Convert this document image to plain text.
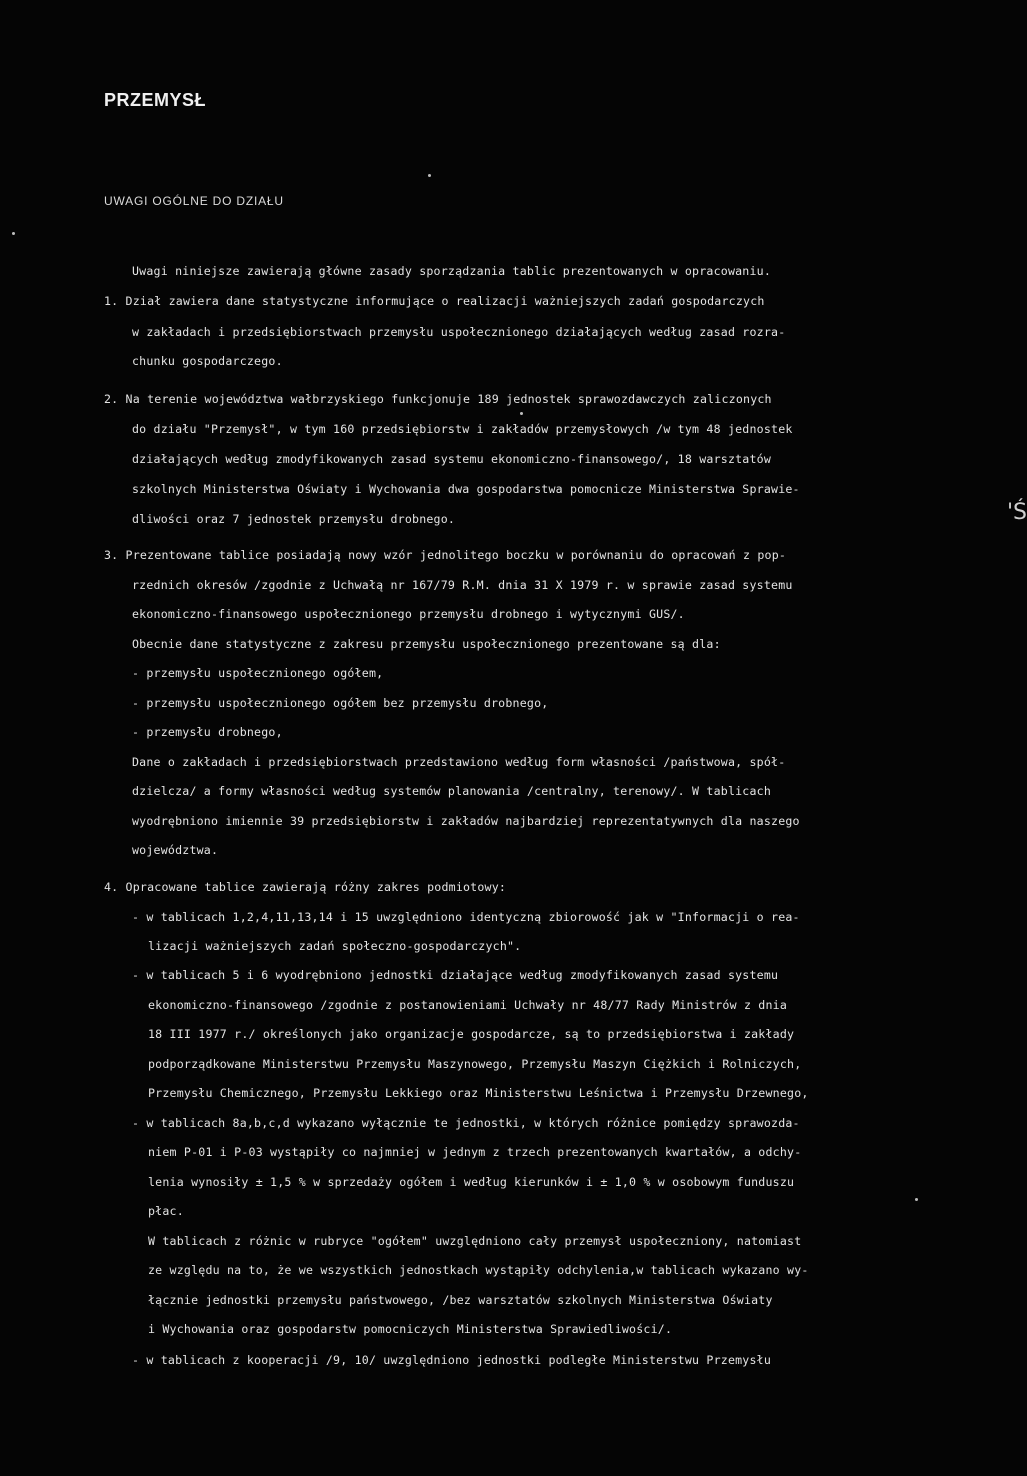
PRZEMYSŁ
UWAGI OGÓLNE DO DZIAŁU
Uwagi niniejsze zawierają główne zasady sporządzania tablic prezentowanych w opracowaniu.
1. Dział zawiera dane statystyczne informujące o realizacji ważniejszych zadań gospodarczych
w zakładach i przedsiębiorstwach przemysłu uspołecznionego działających według zasad rozra-
chunku gospodarczego.
2. Na terenie województwa wałbrzyskiego funkcjonuje 189 jednostek sprawozdawczych zaliczonych
do działu "Przemysł", w tym 160 przedsiębiorstw i zakładów przemysłowych /w tym 48 jednostek
działających według zmodyfikowanych zasad systemu ekonomiczno-finansowego/, 18 warsztatów
szkolnych Ministerstwa Oświaty i Wychowania dwa gospodarstwa pomocnicze Ministerstwa Sprawie-
dliwości oraz 7 jednostek przemysłu drobnego.
3. Prezentowane tablice posiadają nowy wzór jednolitego boczku w porównaniu do opracowań z pop-
rzednich okresów /zgodnie z Uchwałą nr 167/79 R.M. dnia 31 X 1979 r. w sprawie zasad systemu
ekonomiczno-finansowego uspołecznionego przemysłu drobnego i wytycznymi GUS/.
Obecnie dane statystyczne z zakresu przemysłu uspołecznionego prezentowane są dla:
- przemysłu uspołecznionego ogółem,
- przemysłu uspołecznionego ogółem bez przemysłu drobnego,
- przemysłu drobnego,
Dane o zakładach i przedsiębiorstwach przedstawiono według form własności /państwowa, spół-
dzielcza/ a formy własności według systemów planowania /centralny, terenowy/. W tablicach
wyodrębniono imiennie 39 przedsiębiorstw i zakładów najbardziej reprezentatywnych dla naszego
województwa.
4. Opracowane tablice zawierają różny zakres podmiotowy:
- w tablicach 1,2,4,11,13,14 i 15 uwzględniono identyczną zbiorowość jak w "Informacji o rea-
lizacji ważniejszych zadań społeczno-gospodarczych".
- w tablicach 5 i 6 wyodrębniono jednostki działające według zmodyfikowanych zasad systemu
ekonomiczno-finansowego /zgodnie z postanowieniami Uchwały nr 48/77 Rady Ministrów z dnia
18 III 1977 r./ określonych jako organizacje gospodarcze, są to przedsiębiorstwa i zakłady
podporządkowane Ministerstwu Przemysłu Maszynowego, Przemysłu Maszyn Ciężkich i Rolniczych,
Przemysłu Chemicznego, Przemysłu Lekkiego oraz Ministerstwu Leśnictwa i Przemysłu Drzewnego,
- w tablicach 8a,b,c,d wykazano wyłącznie te jednostki, w których różnice pomiędzy sprawozda-
niem P-01 i P-03 wystąpiły co najmniej w jednym z trzech prezentowanych kwartałów, a odchy-
lenia wynosiły ± 1,5 % w sprzedaży ogółem i według kierunków i ± 1,0 % w osobowym funduszu
płac.
W tablicach z różnic w rubryce "ogółem" uwzględniono cały przemysł uspołeczniony, natomiast
ze względu na to, że we wszystkich jednostkach wystąpiły odchylenia,w tablicach wykazano wy-
łącznie jednostki przemysłu państwowego, /bez warsztatów szkolnych Ministerstwa Oświaty
i Wychowania oraz gospodarstw pomocniczych Ministerstwa Sprawiedliwości/.
- w tablicach z kooperacji /9, 10/ uwzględniono jednostki podległe Ministerstwu Przemysłu
'Ś
